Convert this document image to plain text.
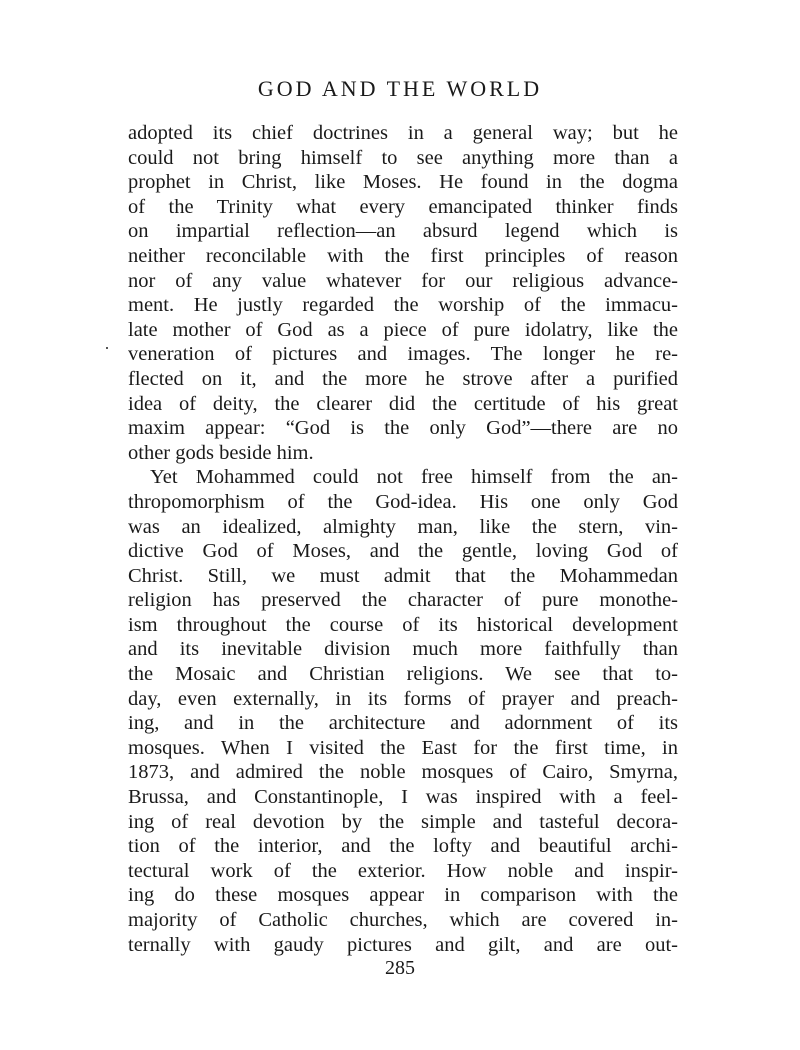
GOD AND THE WORLD
adopted its chief doctrines in a general way; but he
could not bring himself to see anything more than a
prophet in Christ, like Moses. He found in the dogma
of the Trinity what every emancipated thinker finds
on impartial reflection—an absurd legend which is
neither reconcilable with the first principles of reason
nor of any value whatever for our religious advance-
ment. He justly regarded the worship of the immacu-
late mother of God as a piece of pure idolatry, like the
veneration of pictures and images. The longer he re-
flected on it, and the more he strove after a purified
idea of deity, the clearer did the certitude of his great
maxim appear: “God is the only God”—there are no
other gods beside him.
Yet Mohammed could not free himself from the an-
thropomorphism of the God-idea. His one only God
was an idealized, almighty man, like the stern, vin-
dictive God of Moses, and the gentle, loving God of
Christ. Still, we must admit that the Mohammedan
religion has preserved the character of pure monothe-
ism throughout the course of its historical development
and its inevitable division much more faithfully than
the Mosaic and Christian religions. We see that to-
day, even externally, in its forms of prayer and preach-
ing, and in the architecture and adornment of its
mosques. When I visited the East for the first time, in
1873, and admired the noble mosques of Cairo, Smyrna,
Brussa, and Constantinople, I was inspired with a feel-
ing of real devotion by the simple and tasteful decora-
tion of the interior, and the lofty and beautiful archi-
tectural work of the exterior. How noble and inspir-
ing do these mosques appear in comparison with the
majority of Catholic churches, which are covered in-
ternally with gaudy pictures and gilt, and are out-
285
